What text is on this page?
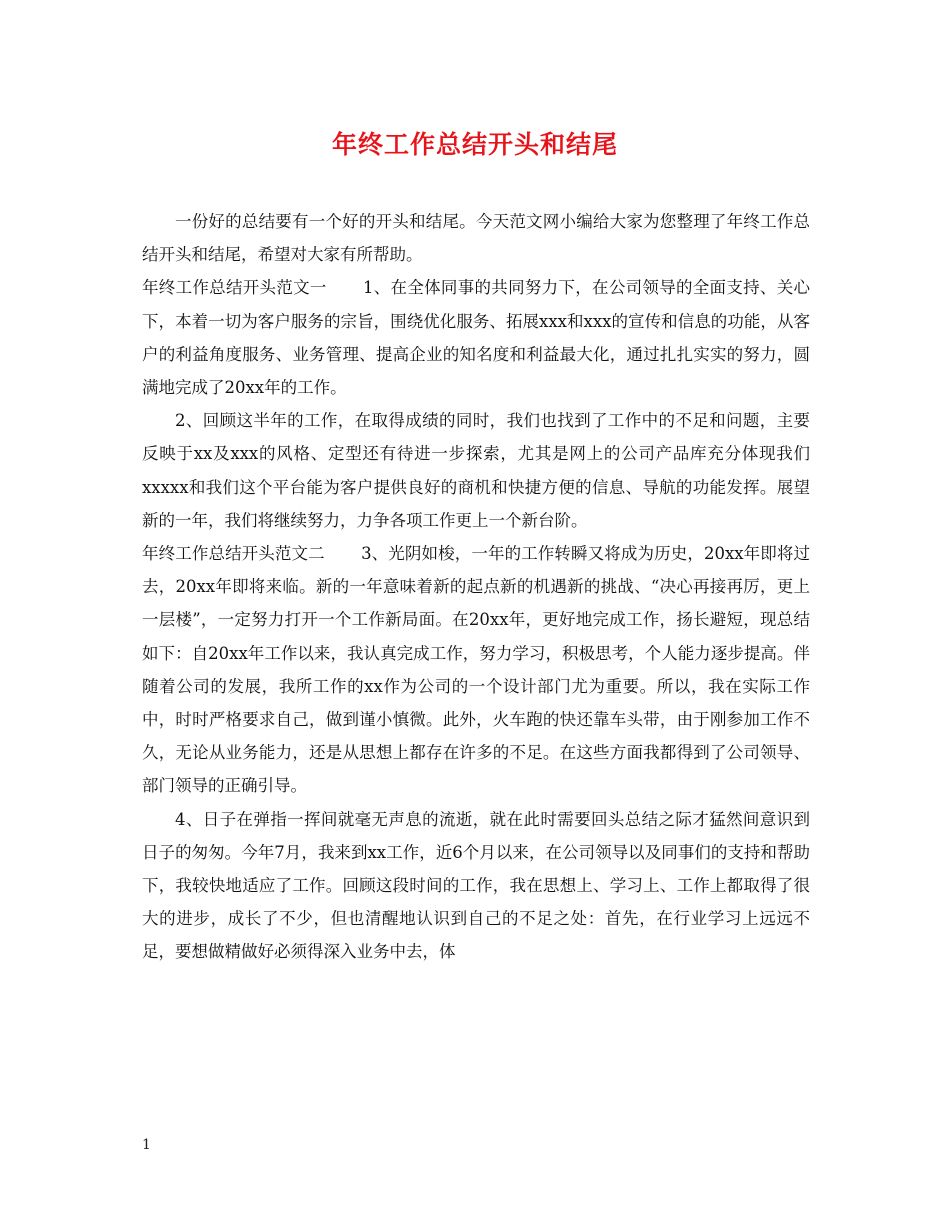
年终工作总结开头和结尾

一份好的总结要有一个好的开头和结尾。今天范文网小编给大家为您整理了年终工作总结开头和结尾，希望对大家有所帮助。

年终工作总结开头范文一 1、在全体同事的共同努力下，在公司领导的全面支持、关心下，本着一切为客户服务的宗旨，围绕优化服务、拓展xxx和xxx的宣传和信息的功能，从客户的利益角度服务、业务管理、提高企业的知名度和利益最大化，通过扎扎实实的努力，圆满地完成了20xx年的工作。

2、回顾这半年的工作，在取得成绩的同时，我们也找到了工作中的不足和问题，主要反映于xx及xxx的风格、定型还有待进一步探索，尤其是网上的公司产品库充分体现我们xxxxx和我们这个平台能为客户提供良好的商机和快捷方便的信息、导航的功能发挥。展望新的一年，我们将继续努力，力争各项工作更上一个新台阶。

年终工作总结开头范文二 3、光阴如梭，一年的工作转瞬又将成为历史，20xx年即将过去，20xx年即将来临。新的一年意味着新的起点新的机遇新的挑战、“决心再接再厉，更上一层楼”，一定努力打开一个工作新局面。在20xx年，更好地完成工作，扬长避短，现总结如下：自20xx年工作以来，我认真完成工作，努力学习，积极思考，个人能力逐步提高。伴随着公司的发展，我所工作的xx作为公司的一个设计部门尤为重要。所以，我在实际工作中，时时严格要求自己，做到谨小慎微。此外，火车跑的快还靠车头带，由于刚参加工作不久，无论从业务能力，还是从思想上都存在许多的不足。在这些方面我都得到了公司领导、部门领导的正确引导。

4、日子在弹指一挥间就毫无声息的流逝，就在此时需要回头总结之际才猛然间意识到日子的匆匆。今年7月，我来到xx工作，近6个月以来，在公司领导以及同事们的支持和帮助下，我较快地适应了工作。回顾这段时间的工作，我在思想上、学习上、工作上都取得了很大的进步，成长了不少，但也清醒地认识到自己的不足之处：首先，在行业学习上远远不足，要想做精做好必须得深入业务中去，体

1
